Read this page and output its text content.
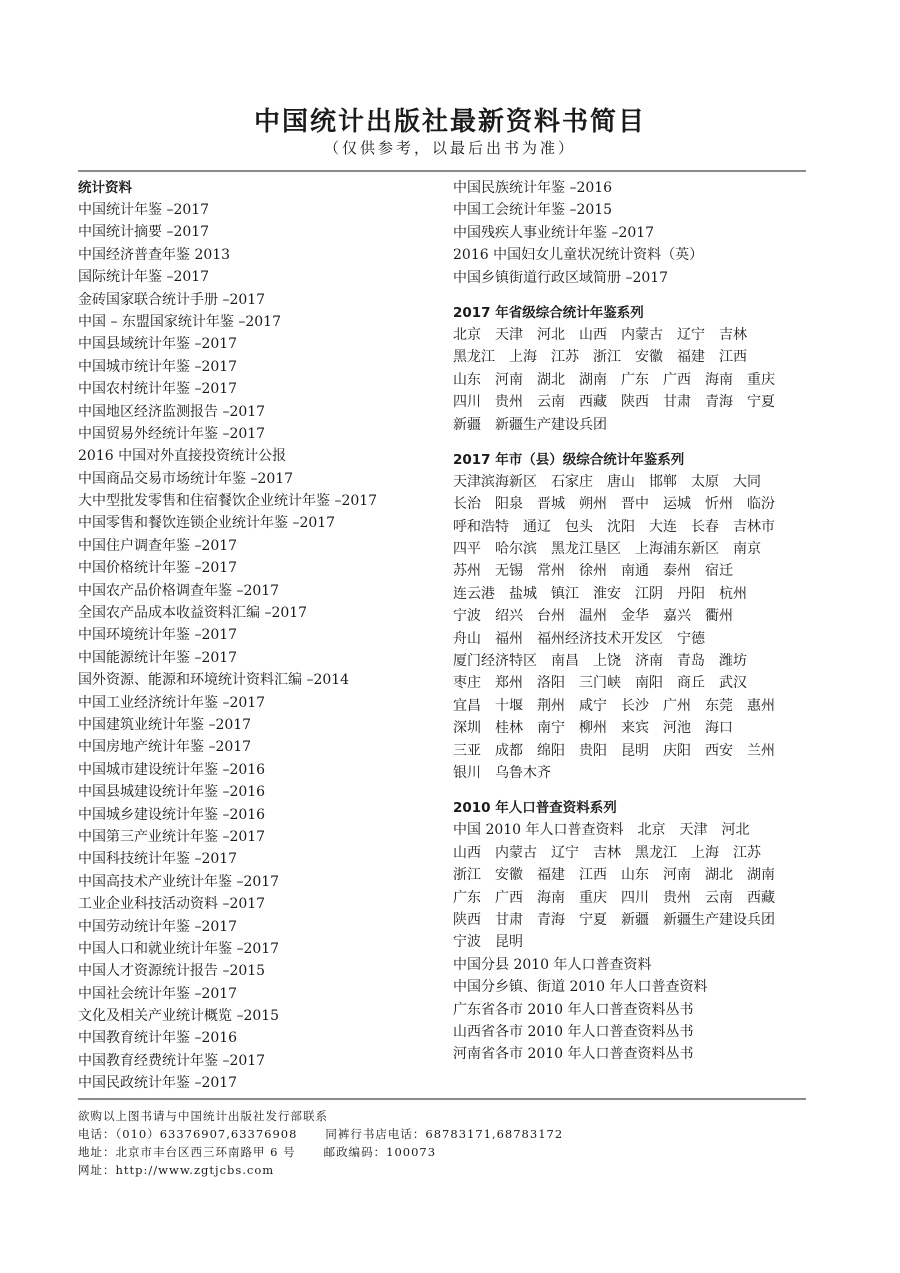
中国统计出版社最新资料书简目
（仅供参考，以最后出书为准）
统计资料
中国统计年鉴 –2017
中国统计摘要 –2017
中国经济普查年鉴 2013
国际统计年鉴 –2017
金砖国家联合统计手册 –2017
中国 – 东盟国家统计年鉴 –2017
中国县域统计年鉴 –2017
中国城市统计年鉴 –2017
中国农村统计年鉴 –2017
中国地区经济监测报告 –2017
中国贸易外经统计年鉴 –2017
2016 中国对外直接投资统计公报
中国商品交易市场统计年鉴 –2017
大中型批发零售和住宿餐饮企业统计年鉴 –2017
中国零售和餐饮连锁企业统计年鉴 –2017
中国住户调查年鉴 –2017
中国价格统计年鉴 –2017
中国农产品价格调查年鉴 –2017
全国农产品成本收益资料汇编 –2017
中国环境统计年鉴 –2017
中国能源统计年鉴 –2017
国外资源、能源和环境统计资料汇编 –2014
中国工业经济统计年鉴 –2017
中国建筑业统计年鉴 –2017
中国房地产统计年鉴 –2017
中国城市建设统计年鉴 –2016
中国县城建设统计年鉴 –2016
中国城乡建设统计年鉴 –2016
中国第三产业统计年鉴 –2017
中国科技统计年鉴 –2017
中国高技术产业统计年鉴 –2017
工业企业科技活动资料 –2017
中国劳动统计年鉴 –2017
中国人口和就业统计年鉴 –2017
中国人才资源统计报告 –2015
中国社会统计年鉴 –2017
文化及相关产业统计概览 –2015
中国教育统计年鉴 –2016
中国教育经费统计年鉴 –2017
中国民政统计年鉴 –2017
中国民族统计年鉴 –2016
中国工会统计年鉴 –2015
中国残疾人事业统计年鉴 –2017
2016 中国妇女儿童状况统计资料（英）
中国乡镇街道行政区域简册 –2017
2017 年省级综合统计年鉴系列
北京　天津　河北　山西　内蒙古　辽宁　吉林
黑龙江　上海　江苏　浙江　安徽　福建　江西
山东　河南　湖北　湖南　广东　广西　海南　重庆
四川　贵州　云南　西藏　陕西　甘肃　青海　宁夏
新疆　新疆生产建设兵团
2017 年市（县）级综合统计年鉴系列
天津滨海新区　石家庄　唐山　邯郸　太原　大同
长治　阳泉　晋城　朔州　晋中　运城　忻州　临汾
呼和浩特　通辽　包头　沈阳　大连　长春　吉林市
四平　哈尔滨　黑龙江垦区　上海浦东新区　南京
苏州　无锡　常州　徐州　南通　泰州　宿迁
连云港　盐城　镇江　淮安　江阴　丹阳　杭州
宁波　绍兴　台州　温州　金华　嘉兴　衢州
舟山　福州　福州经济技术开发区　宁德
厦门经济特区　南昌　上饶　济南　青岛　潍坊
枣庄　郑州　洛阳　三门峡　南阳　商丘　武汉
宜昌　十堰　荆州　咸宁　长沙　广州　东莞　惠州
深圳　桂林　南宁　柳州　来宾　河池　海口
三亚　成都　绵阳　贵阳　昆明　庆阳　西安　兰州
银川　乌鲁木齐
2010 年人口普查资料系列
中国 2010 年人口普查资料　北京　天津　河北
山西　内蒙古　辽宁　吉林　黑龙江　上海　江苏
浙江　安徽　福建　江西　山东　河南　湖北　湖南
广东　广西　海南　重庆　四川　贵州　云南　西藏
陕西　甘肃　青海　宁夏　新疆　新疆生产建设兵团
宁波　昆明
中国分县 2010 年人口普查资料
中国分乡镇、街道 2010 年人口普查资料
广东省各市 2010 年人口普查资料丛书
山西省各市 2010 年人口普查资料丛书
河南省各市 2010 年人口普查资料丛书
欲购以上图书请与中国统计出版社发行部联系
电话：（010）63376907,63376908 同裤行书店电话：68783171,68783172
地址：北京市丰台区西三环南路甲 6 号 邮政编码：100073
网址：http://www.zgtjcbs.com
